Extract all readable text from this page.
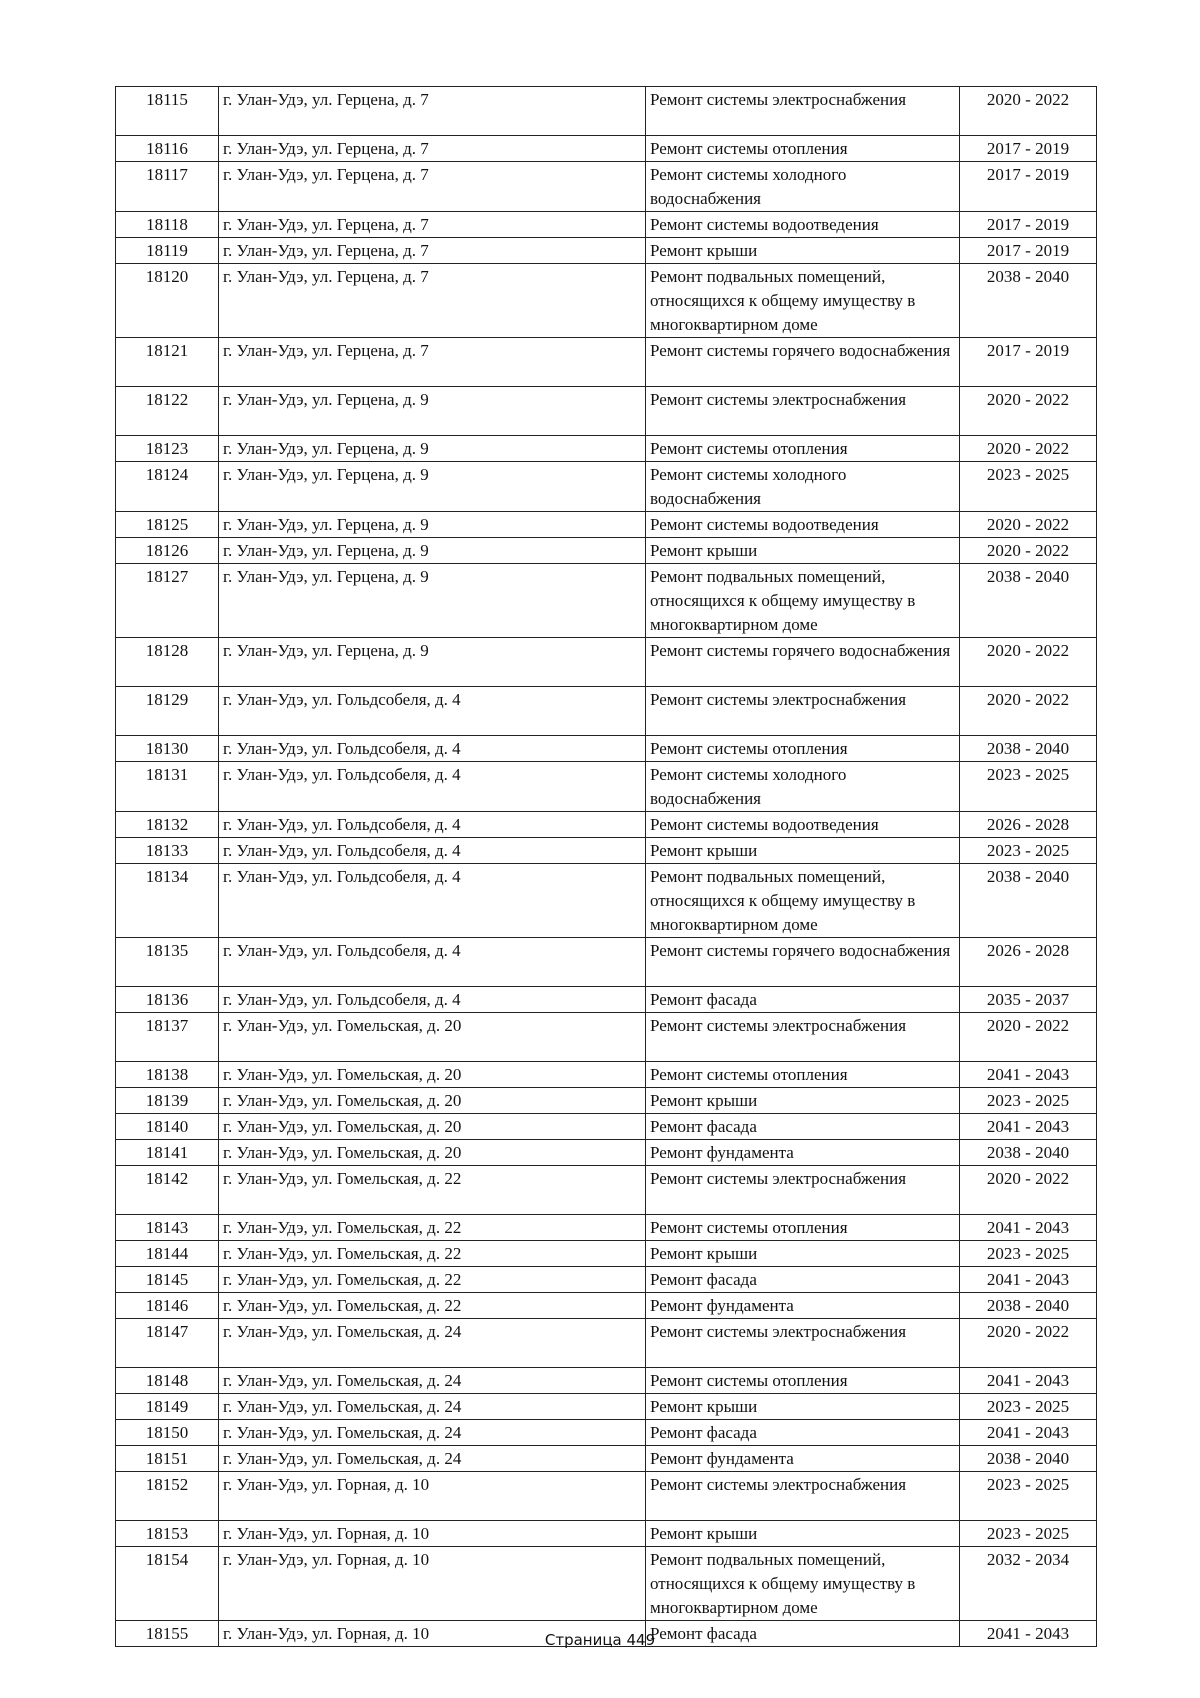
18115	г. Улан-Удэ, ул. Герцена, д. 7	Ремонт системы электроснабжения	2020 - 2022
18116	г. Улан-Удэ, ул. Герцена, д. 7	Ремонт системы отопления	2017 - 2019
18117	г. Улан-Удэ, ул. Герцена, д. 7	Ремонт системы холодного водоснабжения	2017 - 2019
18118	г. Улан-Удэ, ул. Герцена, д. 7	Ремонт системы водоотведения	2017 - 2019
18119	г. Улан-Удэ, ул. Герцена, д. 7	Ремонт крыши	2017 - 2019
18120	г. Улан-Удэ, ул. Герцена, д. 7	Ремонт подвальных помещений, относящихся к общему имуществу в многоквартирном доме	2038 - 2040
18121	г. Улан-Удэ, ул. Герцена, д. 7	Ремонт системы горячего водоснабжения	2017 - 2019
18122	г. Улан-Удэ, ул. Герцена, д. 9	Ремонт системы электроснабжения	2020 - 2022
18123	г. Улан-Удэ, ул. Герцена, д. 9	Ремонт системы отопления	2020 - 2022
18124	г. Улан-Удэ, ул. Герцена, д. 9	Ремонт системы холодного водоснабжения	2023 - 2025
18125	г. Улан-Удэ, ул. Герцена, д. 9	Ремонт системы водоотведения	2020 - 2022
18126	г. Улан-Удэ, ул. Герцена, д. 9	Ремонт крыши	2020 - 2022
18127	г. Улан-Удэ, ул. Герцена, д. 9	Ремонт подвальных помещений, относящихся к общему имуществу в многоквартирном доме	2038 - 2040
18128	г. Улан-Удэ, ул. Герцена, д. 9	Ремонт системы горячего водоснабжения	2020 - 2022
18129	г. Улан-Удэ, ул. Гольдсобеля, д. 4	Ремонт системы электроснабжения	2020 - 2022
18130	г. Улан-Удэ, ул. Гольдсобеля, д. 4	Ремонт системы отопления	2038 - 2040
18131	г. Улан-Удэ, ул. Гольдсобеля, д. 4	Ремонт системы холодного водоснабжения	2023 - 2025
18132	г. Улан-Удэ, ул. Гольдсобеля, д. 4	Ремонт системы водоотведения	2026 - 2028
18133	г. Улан-Удэ, ул. Гольдсобеля, д. 4	Ремонт крыши	2023 - 2025
18134	г. Улан-Удэ, ул. Гольдсобеля, д. 4	Ремонт подвальных помещений, относящихся к общему имуществу в многоквартирном доме	2038 - 2040
18135	г. Улан-Удэ, ул. Гольдсобеля, д. 4	Ремонт системы горячего водоснабжения	2026 - 2028
18136	г. Улан-Удэ, ул. Гольдсобеля, д. 4	Ремонт фасада	2035 - 2037
18137	г. Улан-Удэ, ул. Гомельская, д. 20	Ремонт системы электроснабжения	2020 - 2022
18138	г. Улан-Удэ, ул. Гомельская, д. 20	Ремонт системы отопления	2041 - 2043
18139	г. Улан-Удэ, ул. Гомельская, д. 20	Ремонт крыши	2023 - 2025
18140	г. Улан-Удэ, ул. Гомельская, д. 20	Ремонт фасада	2041 - 2043
18141	г. Улан-Удэ, ул. Гомельская, д. 20	Ремонт фундамента	2038 - 2040
18142	г. Улан-Удэ, ул. Гомельская, д. 22	Ремонт системы электроснабжения	2020 - 2022
18143	г. Улан-Удэ, ул. Гомельская, д. 22	Ремонт системы отопления	2041 - 2043
18144	г. Улан-Удэ, ул. Гомельская, д. 22	Ремонт крыши	2023 - 2025
18145	г. Улан-Удэ, ул. Гомельская, д. 22	Ремонт фасада	2041 - 2043
18146	г. Улан-Удэ, ул. Гомельская, д. 22	Ремонт фундамента	2038 - 2040
18147	г. Улан-Удэ, ул. Гомельская, д. 24	Ремонт системы электроснабжения	2020 - 2022
18148	г. Улан-Удэ, ул. Гомельская, д. 24	Ремонт системы отопления	2041 - 2043
18149	г. Улан-Удэ, ул. Гомельская, д. 24	Ремонт крыши	2023 - 2025
18150	г. Улан-Удэ, ул. Гомельская, д. 24	Ремонт фасада	2041 - 2043
18151	г. Улан-Удэ, ул. Гомельская, д. 24	Ремонт фундамента	2038 - 2040
18152	г. Улан-Удэ, ул. Горная, д. 10	Ремонт системы электроснабжения	2023 - 2025
18153	г. Улан-Удэ, ул. Горная, д. 10	Ремонт крыши	2023 - 2025
18154	г. Улан-Удэ, ул. Горная, д. 10	Ремонт подвальных помещений, относящихся к общему имуществу в многоквартирном доме	2032 - 2034
18155	г. Улан-Удэ, ул. Горная, д. 10	Ремонт фасада	2041 - 2043
Страница 449
